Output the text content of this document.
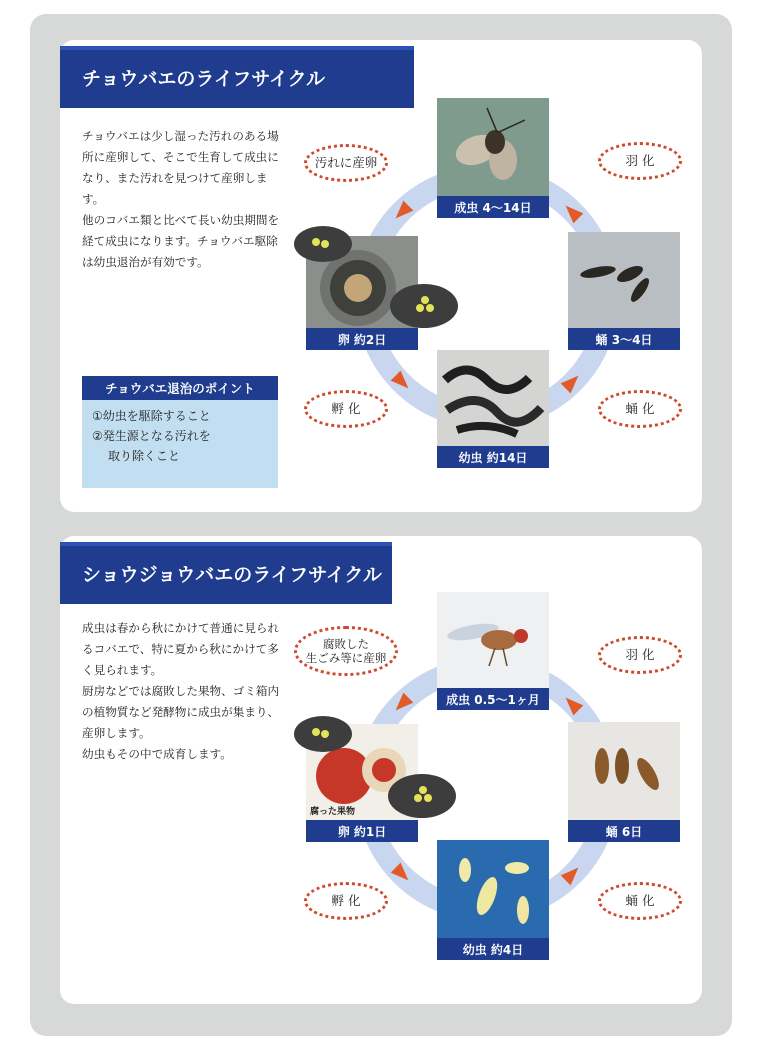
チョウバエのライフサイクル

チョウバエは少し湿った汚れのある場所に産卵して、そこで生育して成虫になり、また汚れを見つけて産卵します。

他のコバエ類と比べて長い幼虫期間を経て成虫になります。チョウバエ駆除は幼虫退治が有効です。

チョウバエ退治のポイント
①幼虫を駆除すること
②発生源となる汚れを
取り除くこと
成虫 4〜14日
卵 約2日	蛹 3〜4日
幼虫 約14日
汚れに産卵	羽 化
孵 化	蛹 化
ショウジョウバエのライフサイクル

成虫は春から秋にかけて普通に見られるコバエで、特に夏から秋にかけて多く見られます。

厨房などでは腐敗した果物、ゴミ箱内の植物質など発酵物に成虫が集まり、産卵します。

幼虫もその中で成育します。

成虫 0.5〜1ヶ月
腐った果物
卵 約1日	蛹 6日
幼虫 約4日
腐敗した
生ごみ等に産卵	羽 化
孵 化	蛹 化
